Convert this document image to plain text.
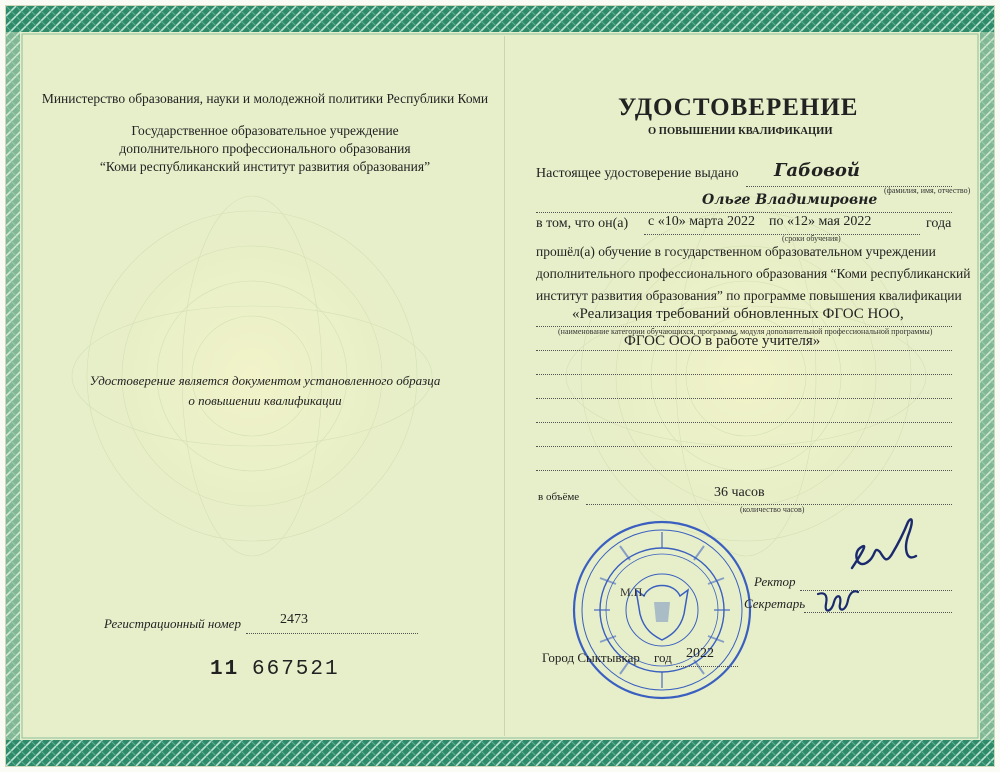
Министерство образования, науки и молодежной политики Республики Коми
Государственное образовательное учреждение
дополнительного профессионального образования
“Коми республиканский институт развития образования”
Удостоверение является документом установленного образца
о повышении квалификации
Регистрационный номер	2473
11 667521
УДОСТОВЕРЕНИЕ
О ПОВЫШЕНИИ КВАЛИФИКАЦИИ
Настоящее удостоверение выдано Габовой
(фамилия, имя, отчество)
Ольге Владимировне
в том, что он(а) с «10» марта 2022    по «12» мая 2022	года
(сроки обучения)
прошёл(а) обучение в государственном образовательном учреждении
дополнительного профессионального образования “Коми республиканский
институт развития образования” по программе повышения квалификации
«Реализация требований обновленных ФГОС НОО,
(наименование категории обучающихся, программы, модуля дополнительной профессиональной программы)
ФГОС ООО в работе учителя»
в объёме	36 часов
(количество часов)
М.П.
Ректор
Секретарь
Город Сыктывкар год 2022
